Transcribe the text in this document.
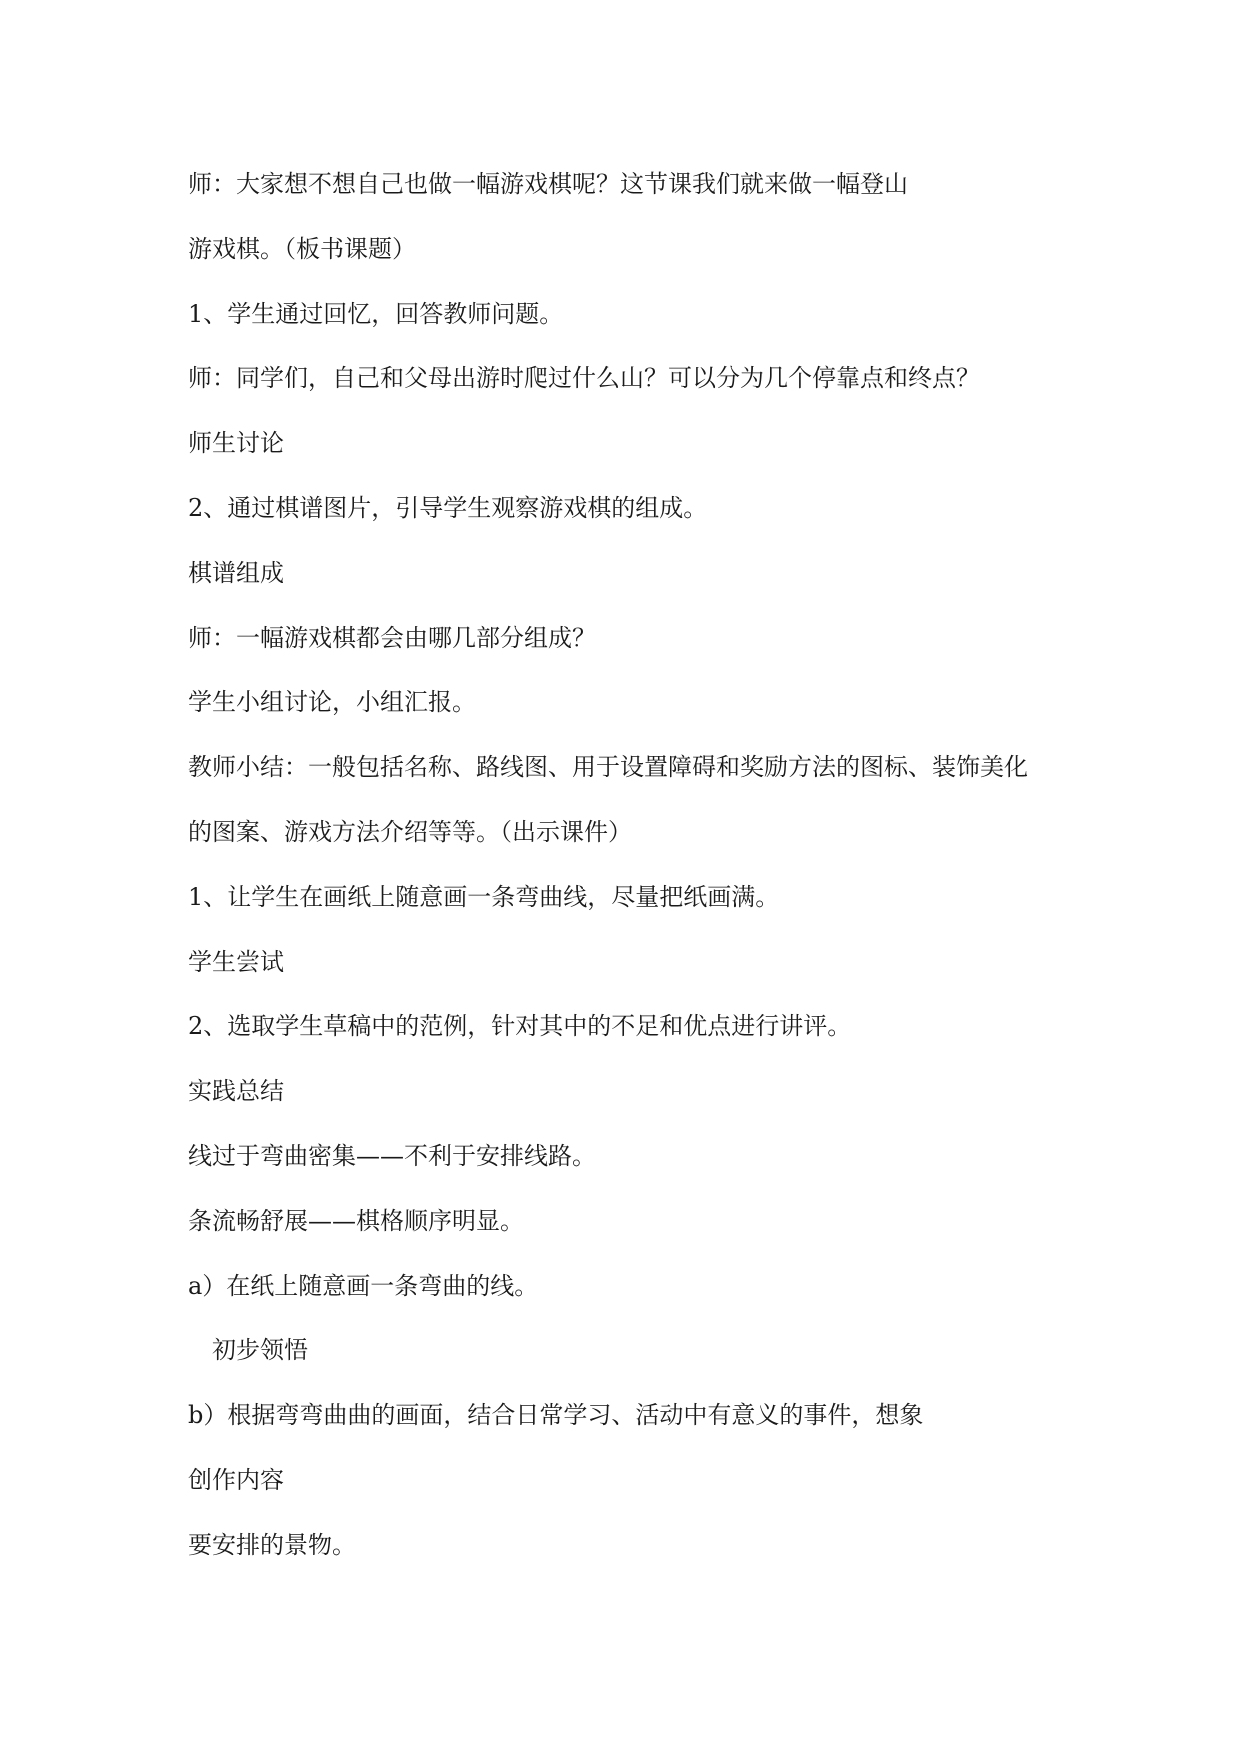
师：大家想不想自己也做一幅游戏棋呢？这节课我们就来做一幅登山
游戏棋。（板书课题）
1、学生通过回忆，回答教师问题。
师：同学们，自己和父母出游时爬过什么山？可以分为几个停靠点和终点？
师生讨论
2、通过棋谱图片，引导学生观察游戏棋的组成。
棋谱组成
师：一幅游戏棋都会由哪几部分组成？
学生小组讨论，小组汇报。
教师小结：一般包括名称、路线图、用于设置障碍和奖励方法的图标、装饰美化
的图案、游戏方法介绍等等。（出示课件）
1、让学生在画纸上随意画一条弯曲线，尽量把纸画满。
学生尝试
2、选取学生草稿中的范例，针对其中的不足和优点进行讲评。
实践总结
线过于弯曲密集——不利于安排线路。
条流畅舒展——棋格顺序明显。
a）在纸上随意画一条弯曲的线。
初步领悟
b）根据弯弯曲曲的画面，结合日常学习、活动中有意义的事件，想象
创作内容
要安排的景物。
